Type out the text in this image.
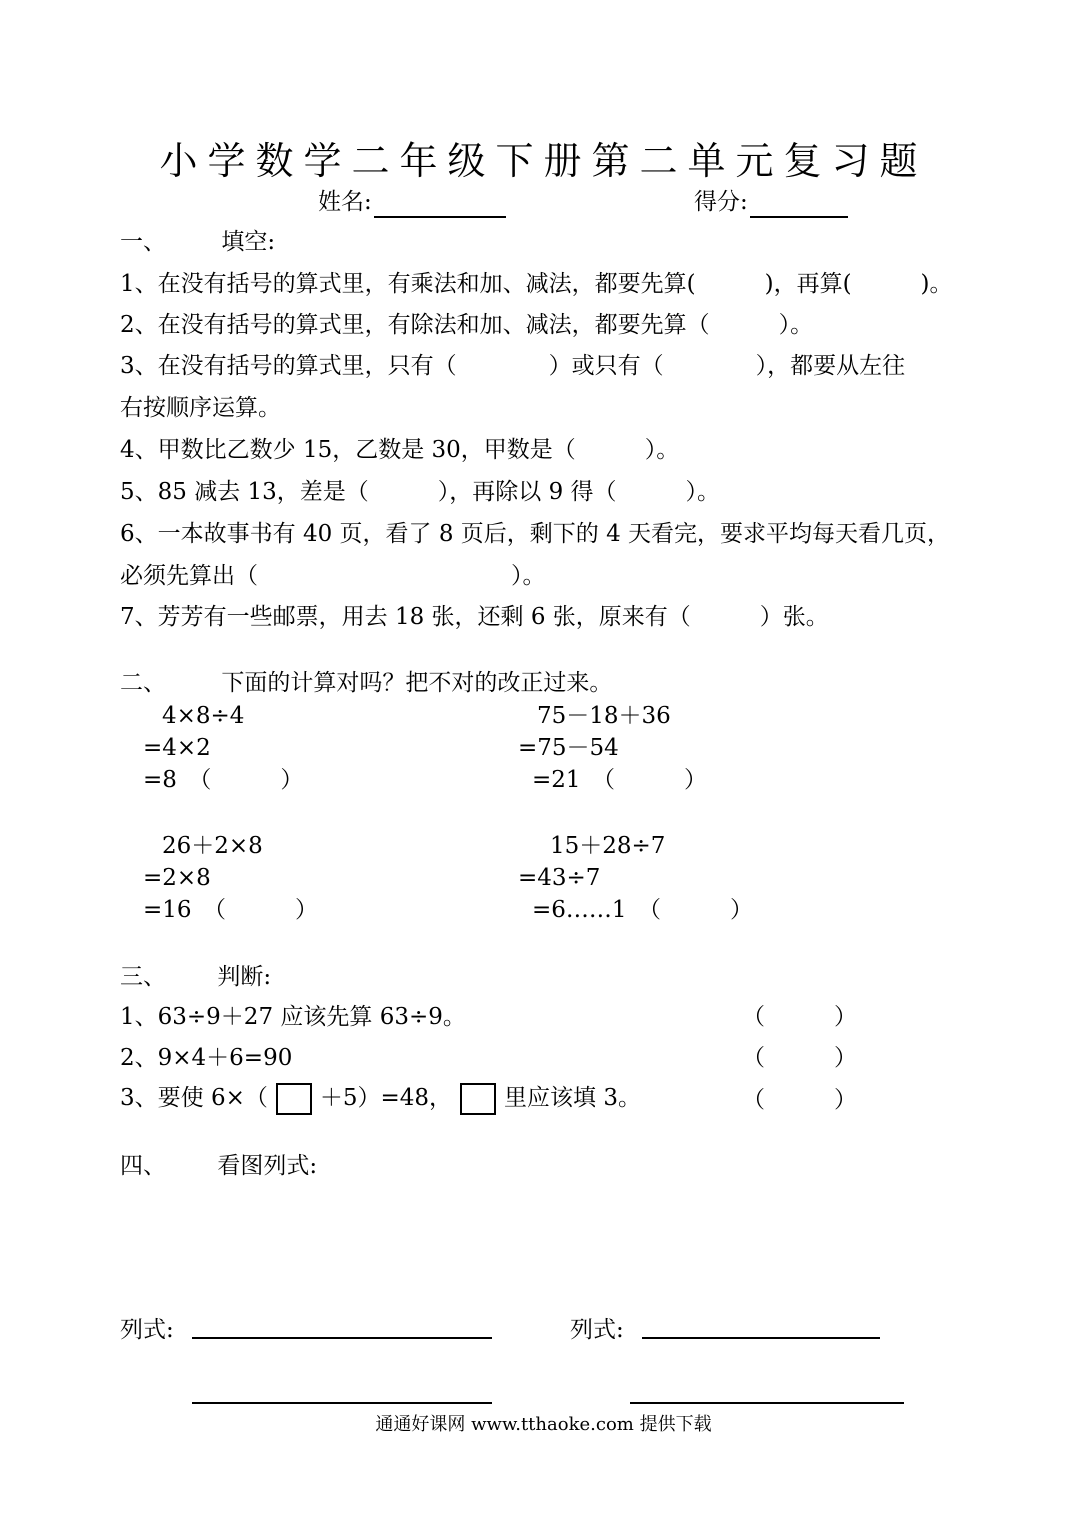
小学数学二年级下册第二单元复习题
姓名:	得分:
一、 填空:
1、在没有括号的算式里，有乘法和加、减法，都要先算(　　　)，再算(　　　)。
2、在没有括号的算式里，有除法和加、减法，都要先算（　　　）。
3、在没有括号的算式里，只有（　　　　）或只有（　　　　），都要从左往
右按顺序运算。
4、甲数比乙数少 15，乙数是 30，甲数是（　　　）。
5、85 减去 13，差是（　　　），再除以 9 得（　　　）。
6、一本故事书有 40 页，看了 8 页后，剩下的 4 天看完，要求平均每天看几页，
必须先算出（　　　　　　　　　　　）。
7、芳芳有一些邮票，用去 18 张，还剩 6 张，原来有（　　　）张。
二、 下面的计算对吗？把不对的改正过来。
4×8÷4
=4×2
=8　（　　　）
75－18＋36
=75－54
=21　（　　　）
26＋2×8
=2×8
=16　（　　　）
15＋28÷7
=43÷7
=6……1　（　　　）
三、 判断:
1、63÷9＋27 应该先算 63÷9。	（　　　）
2、9×4＋6=90	（　　　）
3、要使 6×（ ＋5）=48， 里应该填 3。	（　　　）
四、 看图列式:
列式:	列式:
通通好课网 www.tthaoke.com 提供下载
